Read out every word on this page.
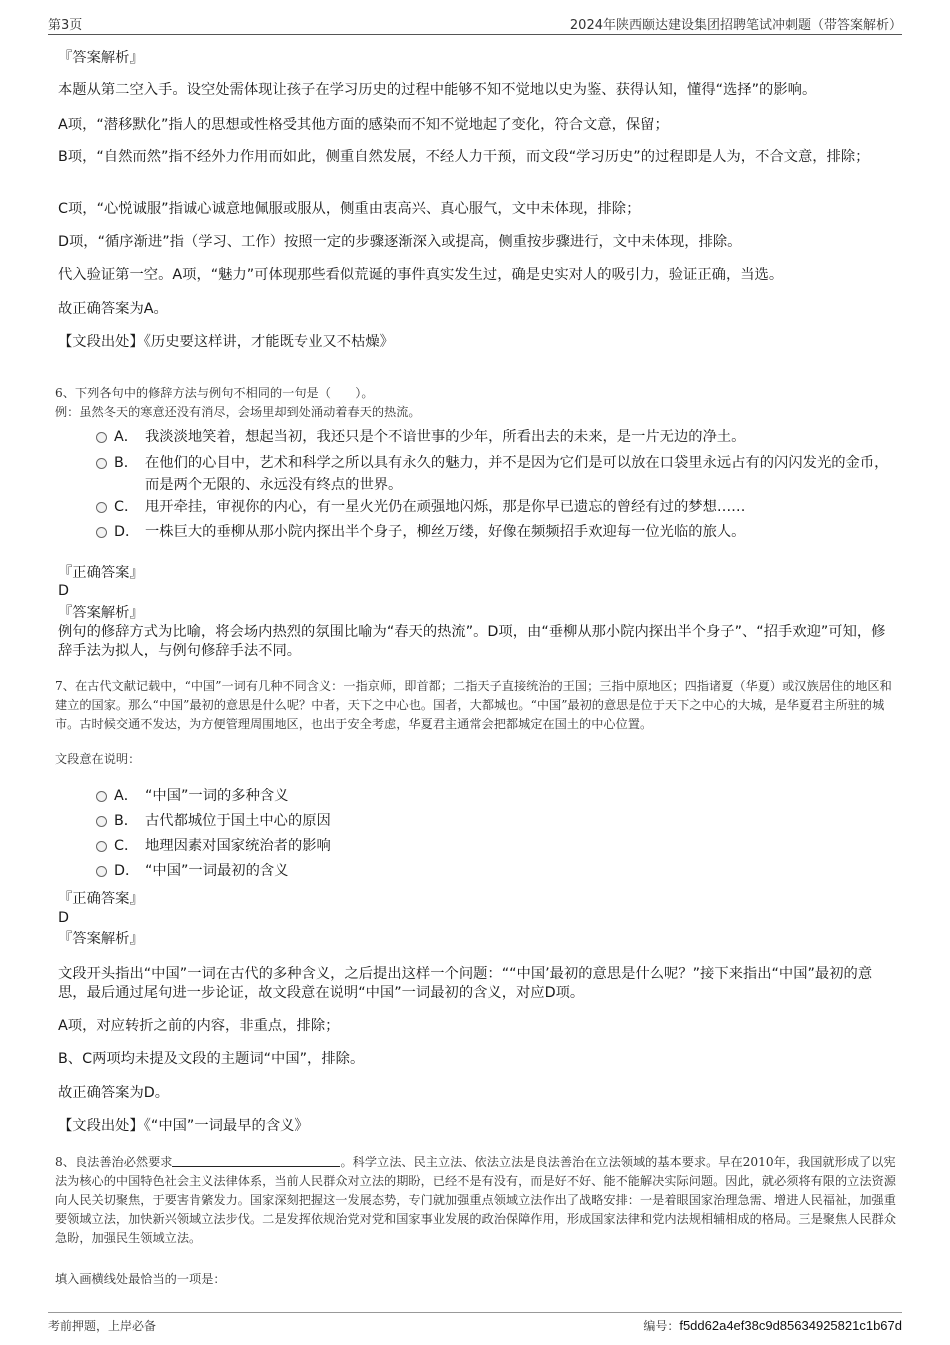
第3页	2024年陕西颐达建设集团招聘笔试冲刺题（带答案解析）
『答案解析』
本题从第二空入手。设空处需体现让孩子在学习历史的过程中能够不知不觉地以史为鉴、获得认知，懂得“选择”的影响。
A项，“潜移默化”指人的思想或性格受其他方面的感染而不知不觉地起了变化，符合文意，保留；
B项，“自然而然”指不经外力作用而如此，侧重自然发展，不经人力干预，而文段“学习历史”的过程即是人为，不合文意，排除；
C项，“心悦诚服”指诚心诚意地佩服或服从，侧重由衷高兴、真心服气，文中未体现，排除；
D项，“循序渐进”指（学习、工作）按照一定的步骤逐渐深入或提高，侧重按步骤进行，文中未体现，排除。
代入验证第一空。A项，“魅力”可体现那些看似荒诞的事件真实发生过，确是史实对人的吸引力，验证正确，当选。
故正确答案为A。
【文段出处】《历史要这样讲，才能既专业又不枯燥》
6、下列各句中的修辞方法与例句不相同的一句是（　　）。
例：虽然冬天的寒意还没有消尽，会场里却到处涌动着春天的热流。
A． 我淡淡地笑着，想起当初，我还只是个不谙世事的少年，所看出去的未来，是一片无边的净土。
B． 在他们的心目中，艺术和科学之所以具有永久的魅力，并不是因为它们是可以放在口袋里永远占有的闪闪发光的金币，而是两个无限的、永远没有终点的世界。
C． 甩开牵挂，审视你的内心，有一星火光仍在顽强地闪烁，那是你早已遗忘的曾经有过的梦想……
D． 一株巨大的垂柳从那小院内探出半个身子，柳丝万缕，好像在频频招手欢迎每一位光临的旅人。
『正确答案』
D
『答案解析』
例句的修辞方式为比喻，将会场内热烈的氛围比喻为“春天的热流”。D项，由“垂柳从那小院内探出半个身子”、“招手欢迎”可知，修辞手法为拟人，与例句修辞手法不同。
7、在古代文献记载中，“中国”一词有几种不同含义：一指京师，即首都；二指天子直接统治的王国；三指中原地区；四指诸夏（华夏）或汉族居住的地区和建立的国家。那么“中国”最初的意思是什么呢？中者，天下之中心也。国者，大都城也。“中国”最初的意思是位于天下之中心的大城，是华夏君主所驻的城市。古时候交通不发达，为方便管理周围地区，也出于安全考虑，华夏君主通常会把都城定在国土的中心位置。
文段意在说明：
A． “中国”一词的多种含义
B． 古代都城位于国土中心的原因
C． 地理因素对国家统治者的影响
D． “中国”一词最初的含义
『正确答案』
D
『答案解析』
文段开头指出“中国”一词在古代的多种含义，之后提出这样一个问题：““中国’最初的意思是什么呢？”接下来指出“中国”最初的意思，最后通过尾句进一步论证，故文段意在说明“中国”一词最初的含义，对应D项。
A项，对应转折之前的内容，非重点，排除；
B、C两项均未提及文段的主题词“中国”，排除。
故正确答案为D。
【文段出处】《“中国”一词最早的含义》
8、良法善治必然要求	。科学立法、民主立法、依法立法是良法善治在立法领域的基本要求。早在2010年，我国就形成了以宪法为核心的中国特色社会主义法律体系，当前人民群众对立法的期盼，已经不是有没有，而是好不好、能不能解决实际问题。因此，就必须将有限的立法资源向人民关切聚焦，于要害肯綮发力。国家深刻把握这一发展态势，专门就加强重点领域立法作出了战略安排：一是着眼国家治理急需、增进人民福祉，加强重要领域立法，加快新兴领域立法步伐。二是发挥依规治党对党和国家事业发展的政治保障作用，形成国家法律和党内法规相辅相成的格局。三是聚焦人民群众急盼，加强民生领域立法。
填入画横线处最恰当的一项是：
考前押题，上岸必备	编号：f5dd62a4ef38c9d85634925821c1b67d
